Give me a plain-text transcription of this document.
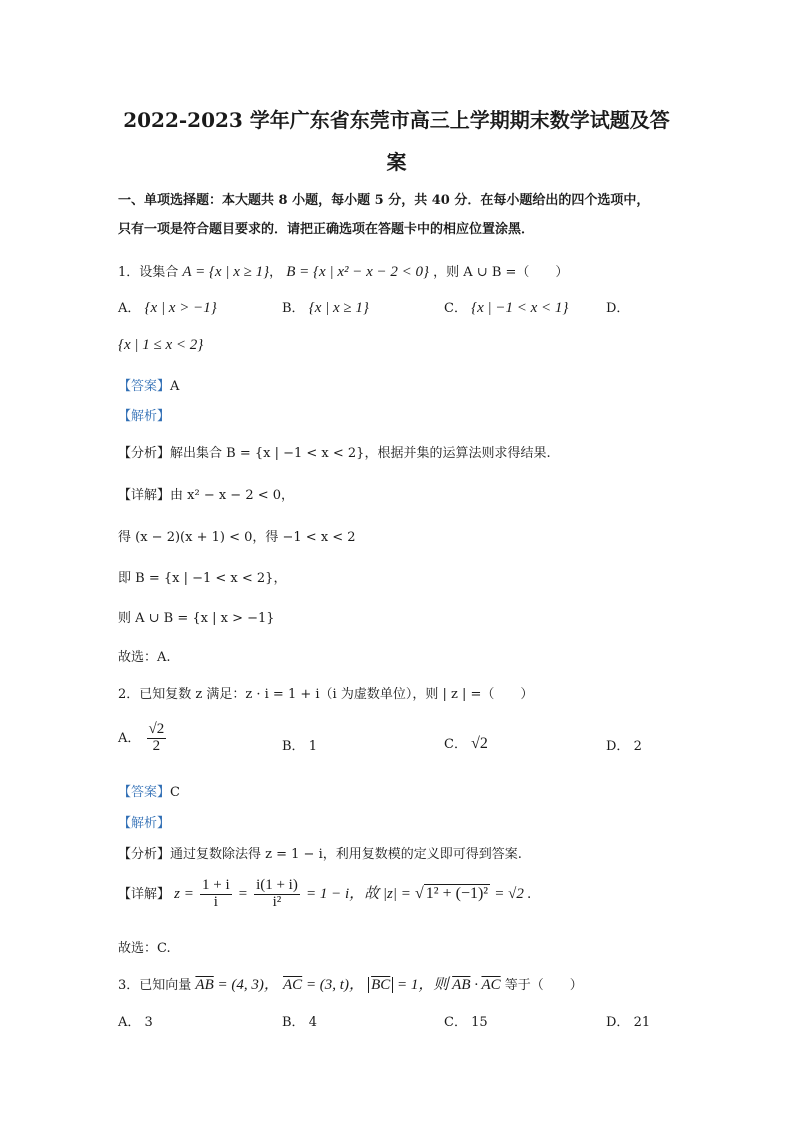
2022-2023 学年广东省东莞市高三上学期期末数学试题及答
案
一、单项选择题：本大题共 8 小题，每小题 5 分，共 40 分．在每小题给出的四个选项中，
只有一项是符合题目要求的．请把正确选项在答题卡中的相应位置涂黑．
1．设集合 A = {x | x ≥ 1}， B = {x | x² − x − 2 < 0} ，则 A ∪ B =（　　）
A． {x | x > −1}	B． {x | x ≥ 1}	C． {x | −1 < x < 1}	D．
{x | 1 ≤ x < 2}
【答案】A
【解析】
【分析】解出集合 B = {x | −1 < x < 2}，根据并集的运算法则求得结果.
【详解】由 x² − x − 2 < 0，
得 (x − 2)(x + 1) < 0，得 −1 < x < 2
即 B = {x | −1 < x < 2}，
则 A ∪ B = {x | x > −1}
故选：A.
2．已知复数 z 满足：z · i = 1 + i（i 为虚数单位），则 | z | =（　　）
A． $\frac{√2}{2}$	B． 1	C． √2	D． 2
【答案】C
【解析】
【分析】通过复数除法得 z = 1 − i，利用复数模的定义即可得到答案.
【详解】 $z = \frac{1 + i}{i} = \frac{i(1 + i)}{\text{i²}} = 1 - i$，故 |z| = √ 1² + (−1)² = √2 .
故选：C.
3．已知向量 $\overline{AB} = (4$, 3)， $\overline{AC} = (3$, t)， $\overline{BC} = 1$，则 $\overline{AB} \cdot \overline{AC}$ 等于（　　）
A． 3	B． 4	C． 15	D． 21
